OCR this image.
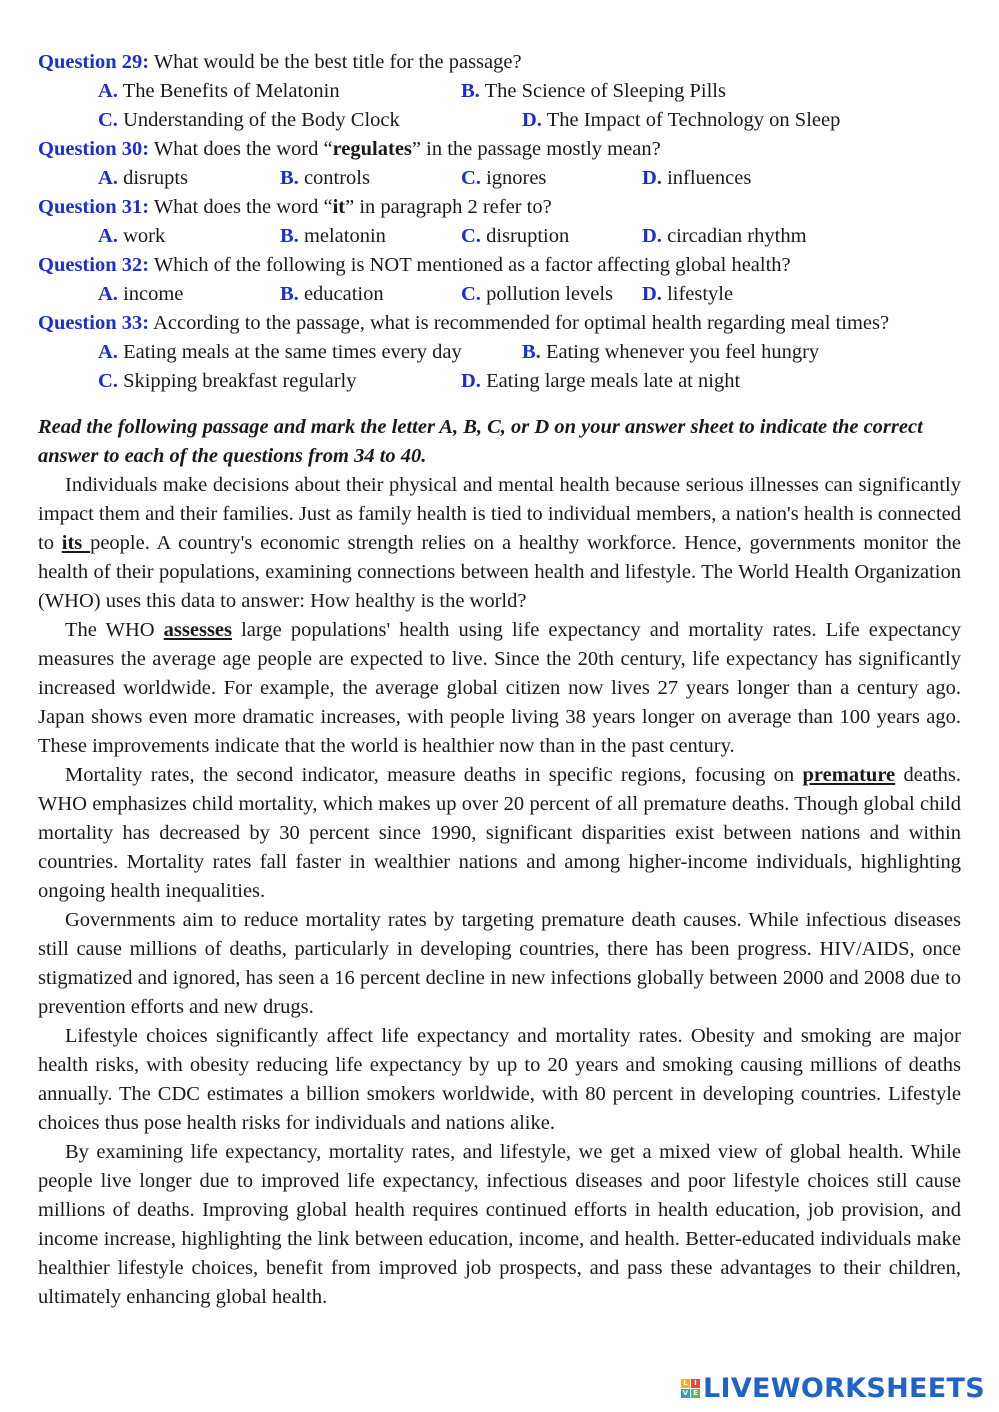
Question 29: What would be the best title for the passage?
A. The Benefits of Melatonin	B. The Science of Sleeping Pills
C. Understanding of the Body Clock	D. The Impact of Technology on Sleep
Question 30: What does the word “regulates” in the passage mostly mean?
A. disrupts	B. controls	C. ignores	D. influences
Question 31: What does the word “it” in paragraph 2 refer to?
A. work	B. melatonin	C. disruption	D. circadian rhythm
Question 32: Which of the following is NOT mentioned as a factor affecting global health?
A. income	B. education	C. pollution levels D. lifestyle
Question 33: According to the passage, what is recommended for optimal health regarding meal times?
A. Eating meals at the same times every day	B. Eating whenever you feel hungry
C. Skipping breakfast regularly	D. Eating large meals late at night
Read the following passage and mark the letter A, B, C, or D on your answer sheet to indicate the correct answer to each of the questions from 34 to 40.

Individuals make decisions about their physical and mental health because serious illnesses can significantly impact them and their families. Just as family health is tied to individual members, a nation's health is connected to its people. A country's economic strength relies on a healthy workforce. Hence, governments monitor the health of their populations, examining connections between health and lifestyle. The World Health Organization (WHO) uses this data to answer: How healthy is the world?

The WHO assesses large populations' health using life expectancy and mortality rates. Life expectancy measures the average age people are expected to live. Since the 20th century, life expectancy has significantly increased worldwide. For example, the average global citizen now lives 27 years longer than a century ago. Japan shows even more dramatic increases, with people living 38 years longer on average than 100 years ago. These improvements indicate that the world is healthier now than in the past century.

Mortality rates, the second indicator, measure deaths in specific regions, focusing on premature deaths. WHO emphasizes child mortality, which makes up over 20 percent of all premature deaths. Though global child mortality has decreased by 30 percent since 1990, significant disparities exist between nations and within countries. Mortality rates fall faster in wealthier nations and among higher-income individuals, highlighting ongoing health inequalities.

Governments aim to reduce mortality rates by targeting premature death causes. While infectious diseases still cause millions of deaths, particularly in developing countries, there has been progress. HIV/AIDS, once stigmatized and ignored, has seen a 16 percent decline in new infections globally between 2000 and 2008 due to prevention efforts and new drugs.

Lifestyle choices significantly affect life expectancy and mortality rates. Obesity and smoking are major health risks, with obesity reducing life expectancy by up to 20 years and smoking causing millions of deaths annually. The CDC estimates a billion smokers worldwide, with 80 percent in developing countries. Lifestyle choices thus pose health risks for individuals and nations alike.

By examining life expectancy, mortality rates, and lifestyle, we get a mixed view of global health. While people live longer due to improved life expectancy, infectious diseases and poor lifestyle choices still cause millions of deaths. Improving global health requires continued efforts in health education, job provision, and income increase, highlighting the link between education, income, and health. Better-educated individuals make healthier lifestyle choices, benefit from improved job prospects, and pass these advantages to their children, ultimately enhancing global health.

L I
V E LIVEWORKSHEETS
